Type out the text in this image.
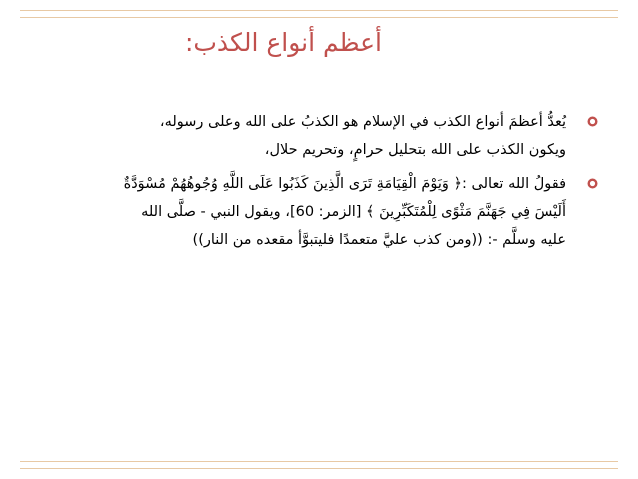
أعظم أنواع الكذب:
يُعدُّ أعظمَ أنواع الكذب في الإسلام هو الكذبُ على الله وعلى رسوله،
ويكون الكذب على الله بتحليل حرامٍ، وتحريم حلال،
فقولُ الله تعالى :﴿ وَيَوْمَ الْقِيَامَةِ تَرَى الَّذِينَ كَذَبُوا عَلَى اللَّهِ وُجُوهُهُمْ مُسْوَدَّةٌ
أَلَيْسَ فِي جَهَنَّمَ مَثْوًى لِلْمُتَكَبِّرِينَ ﴾ [الزمر: 60]، ويقول النبي - صلَّى الله
عليه وسلَّم -: ((ومن كذب عليَّ متعمدًا فليتبوَّأ مقعده من النار))
